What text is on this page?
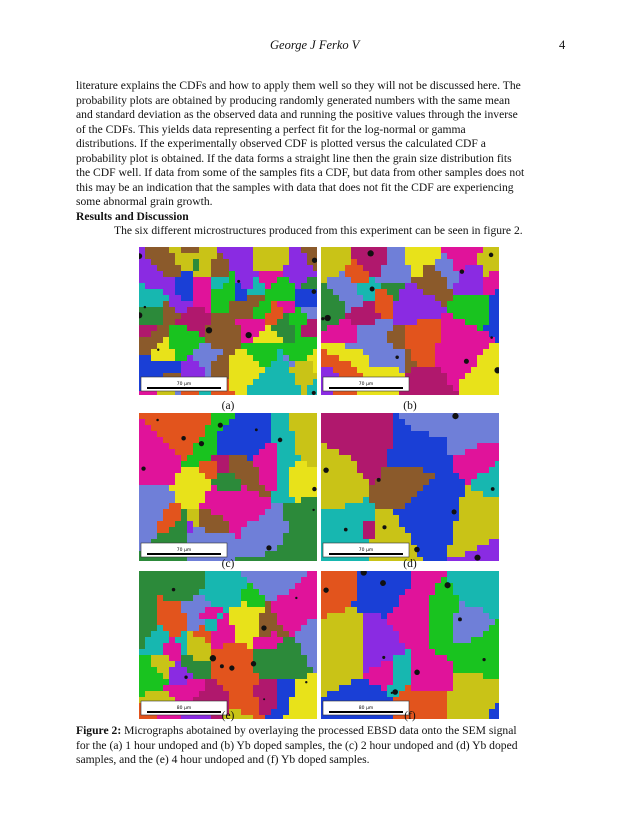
George J Ferko V	4
literature explains the CDFs and how to apply them well so they will not be discussed here. The
probability plots are obtained by producing randomly generated numbers with the same mean
and standard deviation as the observed data and running the positive values through the inverse
of the CDFs. This yields data representing a perfect fit for the log-normal or gamma
distributions. If the experimentally observed CDF is plotted versus the calculated CDF a
probability plot is obtained. If the data forms a straight line then the grain size distribution fits
the CDF well. If data from some of the samples fits a CDF, but data from other samples does not
this may be an indication that the samples with data that does not fit the CDF are experiencing
some abnormal grain growth.
Results and Discussion
The six different microstructures produced from this experiment can be seen in figure 2.
70 µm	70 µm
(a)	(b)
70 µm	70 µm
(c)	(d)
80 µm	80 µm
(e)	(f)
Figure 2: Micrographs abotained by overlaying the processed EBSD data onto the SEM signal
for the (a) 1 hour undoped and (b) Yb doped samples, the (c) 2 hour undoped and (d) Yb doped
samples, and the (e) 4 hour undoped and (f) Yb doped samples.
